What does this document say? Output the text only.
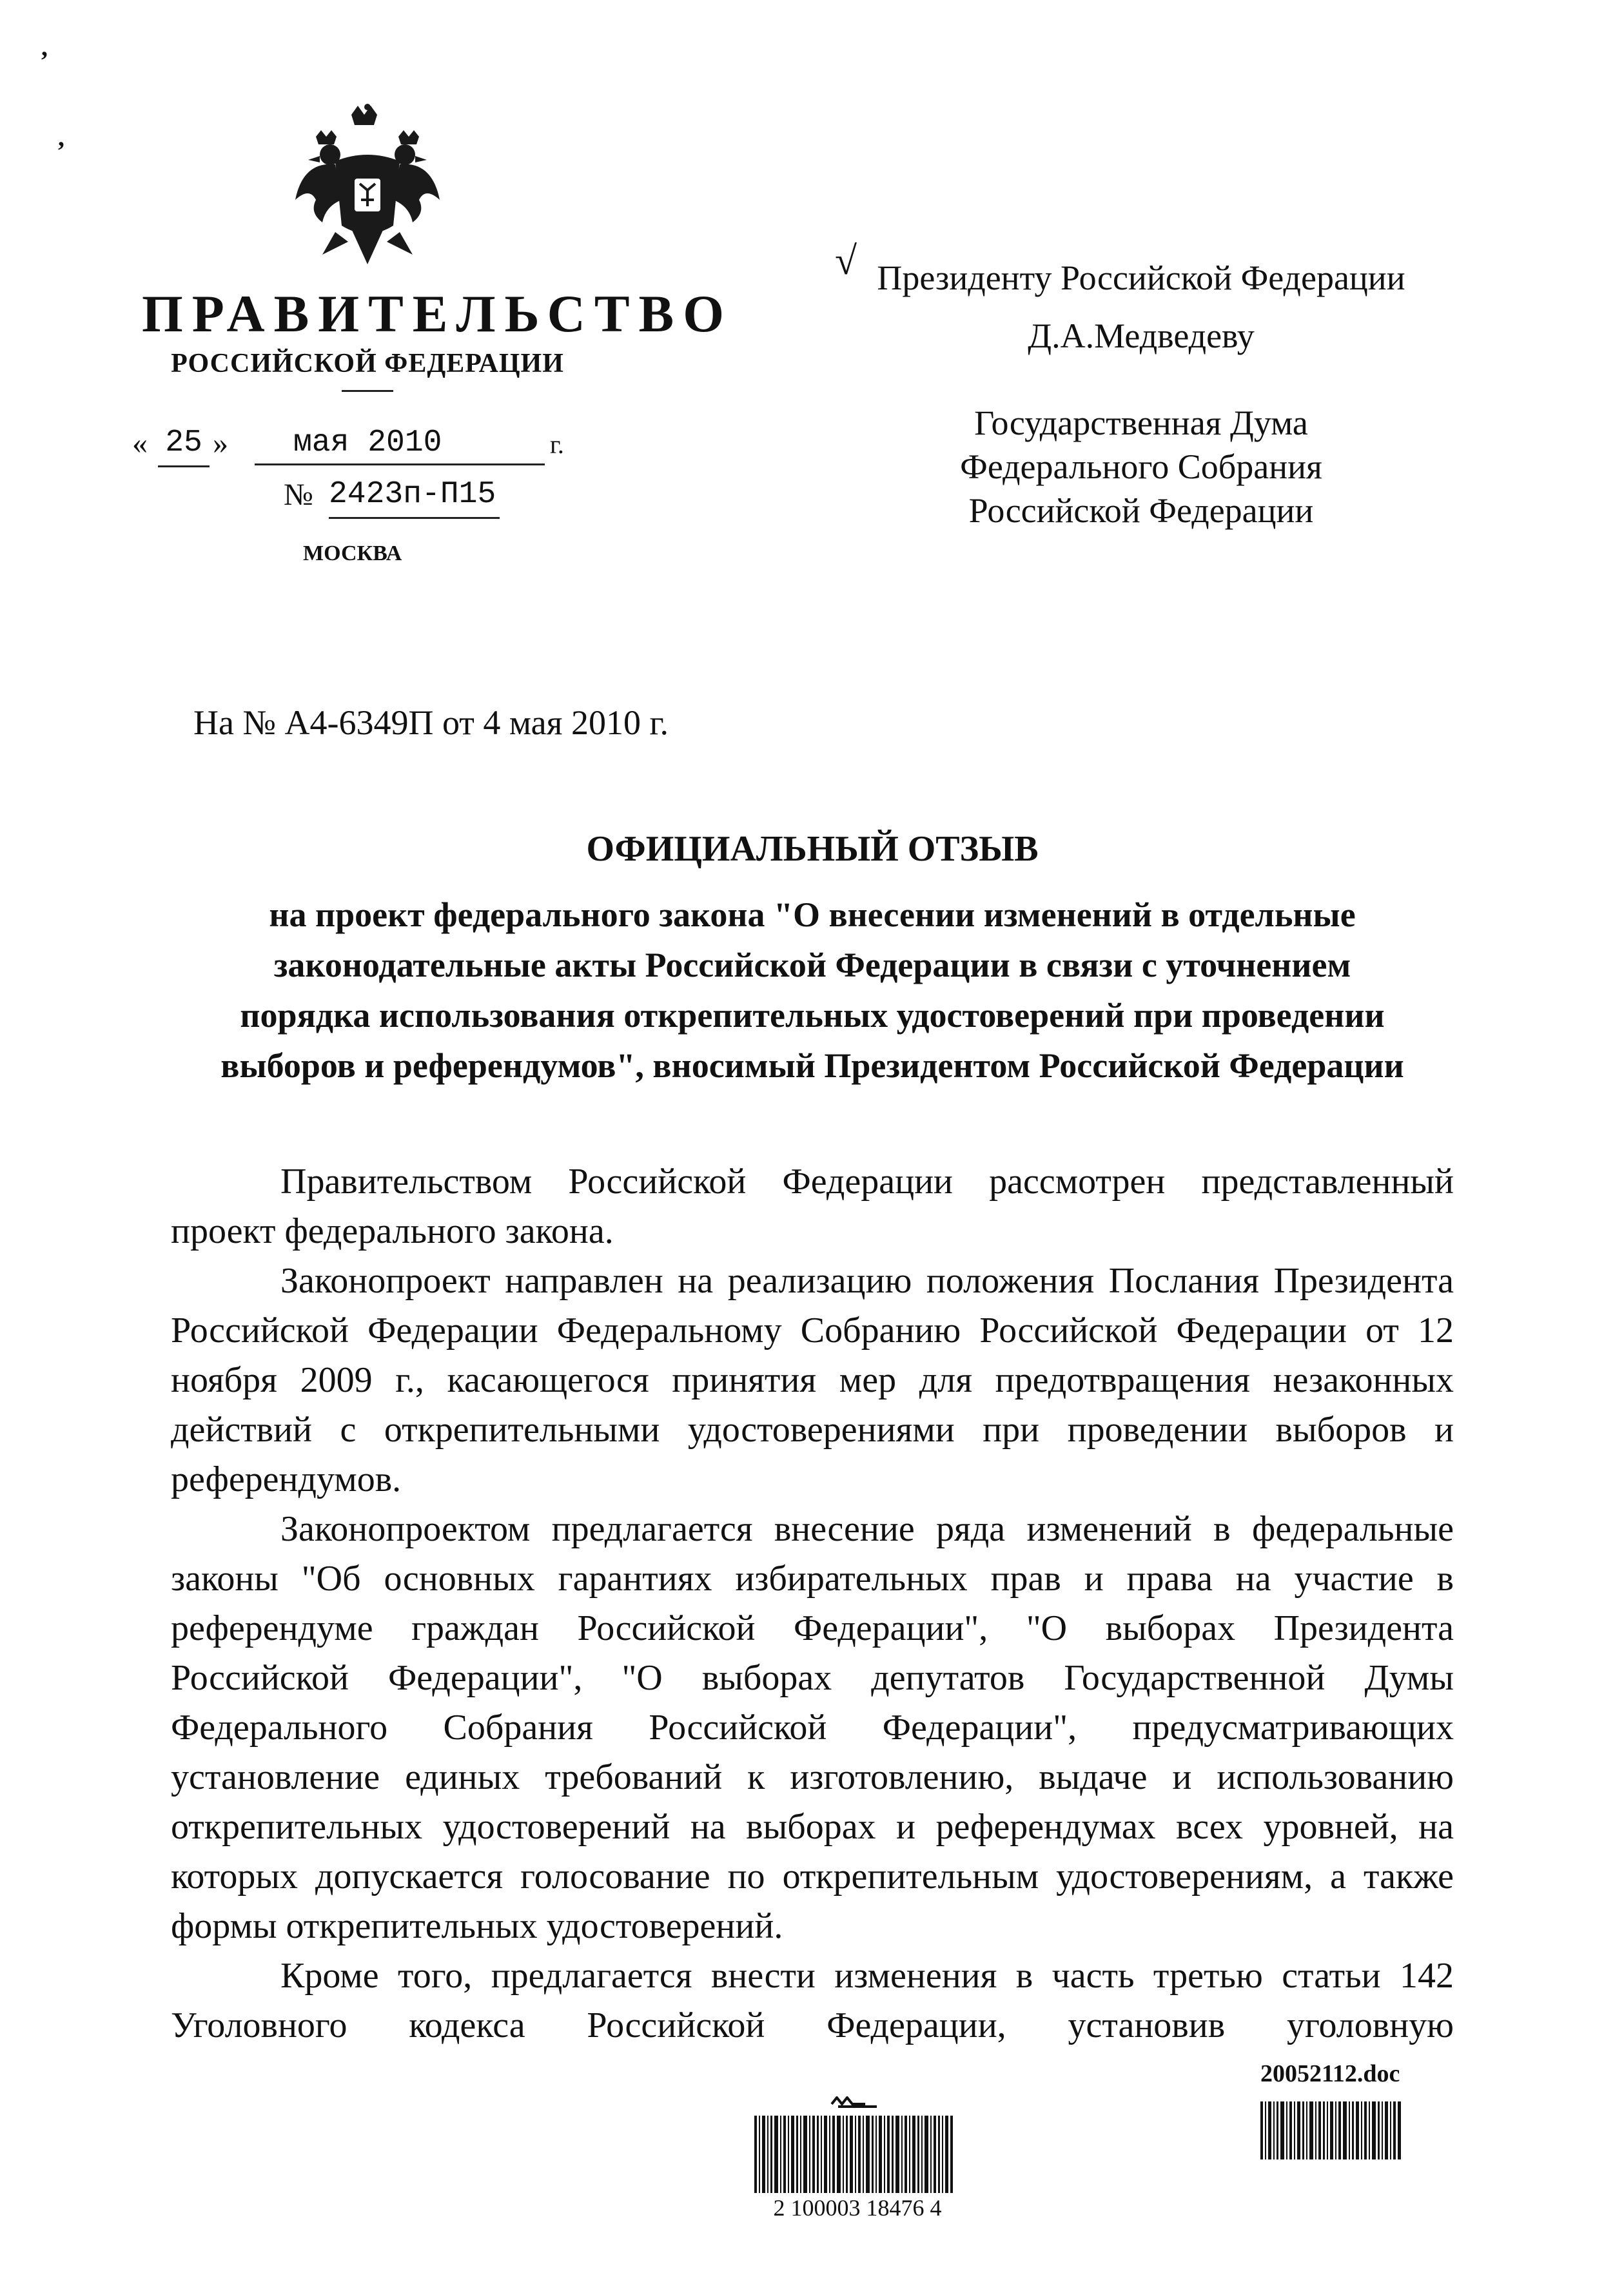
’
’
ПРАВИТЕЛЬСТВО
РОССИЙСКОЙ ФЕДЕРАЦИИ
« 25 »	мая 2010	г.
№ 2423п-П15
МОСКВА
√ Президенту Российской Федерации
Д.А.Медведеву
Государственная Дума
Федерального Собрания
Российской Федерации
На № А4-6349П от 4 мая 2010 г.
ОФИЦИАЛЬНЫЙ ОТЗЫВ
на проект федерального закона "О внесении изменений в отдельные
законодательные акты Российской Федерации в связи с уточнением
порядка использования открепительных удостоверений при проведении
выборов и референдумов", вносимый Президентом Российской Федерации

Правительством Российской Федерации рассмотрен представленный проект федерального закона.

Законопроект направлен на реализацию положения Послания Президента Российской Федерации Федеральному Собранию Российской Федерации от 12 ноября 2009 г., касающегося принятия мер для предотвращения незаконных действий с открепительными удостоверениями при проведении выборов и референдумов.

Законопроектом предлагается внесение ряда изменений в федеральные законы "Об основных гарантиях избирательных прав и права на участие в референдуме граждан Российской Федерации", "О выборах Президента Российской Федерации", "О выборах депутатов Государственной Думы Федерального Собрания Российской Федерации", предусматривающих установление единых требований к изготовлению, выдаче и использованию открепительных удостоверений на выборах и референдумах всех уровней, на которых допускается голосование по открепительным удостоверениям, а также формы открепительных удостоверений.

Кроме того, предлагается внести изменения в часть третью статьи 142 Уголовного кодекса Российской Федерации, установив уголовную

2 100003 18476 4
20052112.doc
